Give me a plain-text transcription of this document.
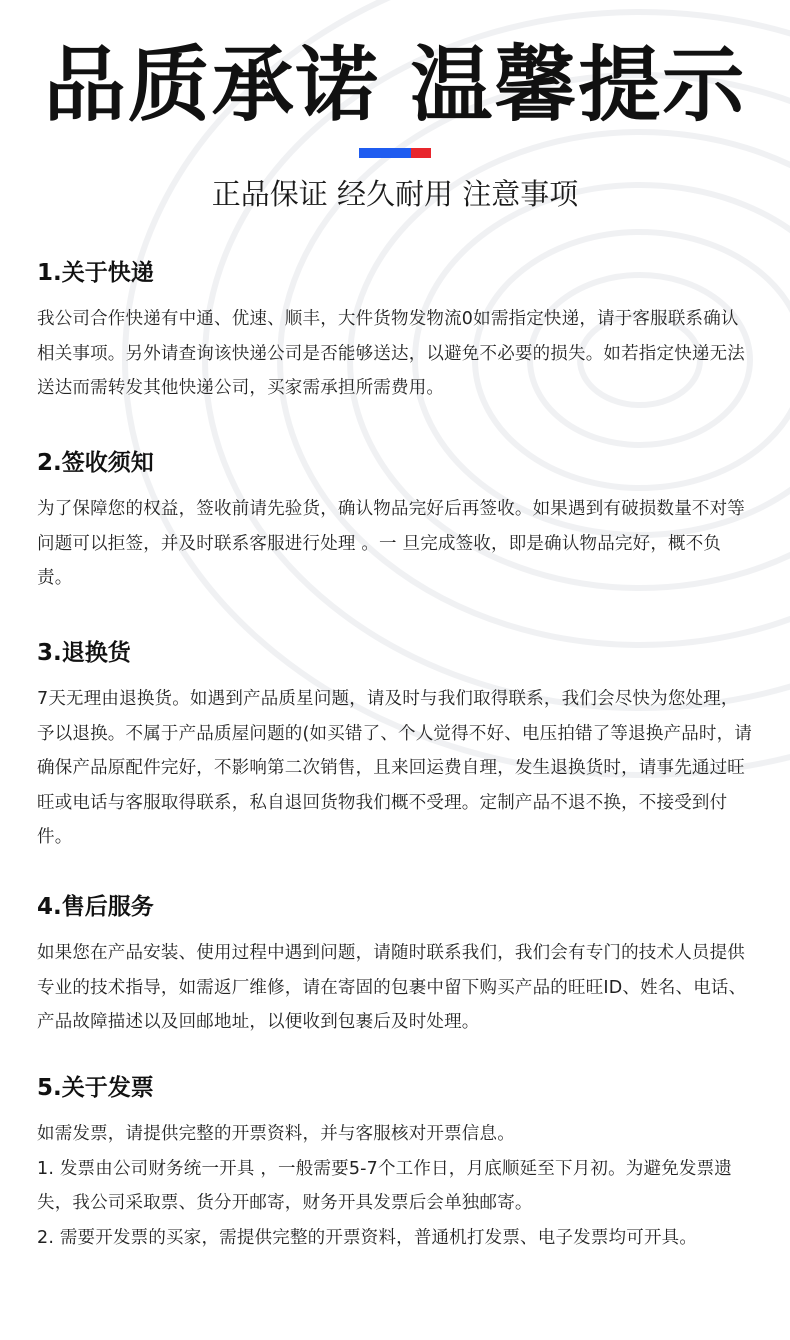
品质承诺 温馨提示
正品保证 经久耐用 注意事项
1.关于快递

我公司合作快递有中通、优速、顺丰，大件货物发物流0如需指定快递，请于客服联系确认相关事项。另外请查询该快递公司是否能够送达，以避免不必要的损失。如若指定快递无法送达而需转发其他快递公司，买家需承担所需费用。

2.签收须知

为了保障您的权益，签收前请先验货，确认物品完好后再签收。如果遇到有破损数量不对等问题可以拒签，并及时联系客服进行处理 。一 旦完成签收，即是确认物品完好，概不负责。

3.退换货

7天无理由退换货。如遇到产品质星问题，请及时与我们取得联系，我们会尽快为您处理，予以退换。不属于产品质屋问题的(如买错了、个人觉得不好、电压拍错了等退换产品时，请确保产品原配件完好，不影响第二次销售，且来回运费自理，发生退换货时，请事先通过旺旺或电话与客服取得联系，私自退回货物我们概不受理。定制产品不退不换，不接受到付件。

4.售后服务

如果您在产品安装、使用过程中遇到问题，请随时联系我们，我们会有专门的技术人员提供专业的技术指导，如需返厂维修，请在寄固的包裹中留下购买产品的旺旺ID、姓名、电话、产品故障描述以及回邮地址，以便收到包裹后及时处理。

5.关于发票

如需发票，请提供完整的开票资料，并与客服核对开票信息。

1. 发票由公司财务统一开具 ，一般需要5-7个工作日，月底顺延至下月初。为避免发票遗失，我公司采取票、货分开邮寄，财务开具发票后会单独邮寄。

2. 需要开发票的买家，需提供完整的开票资料，普通机打发票、电子发票均可开具。
